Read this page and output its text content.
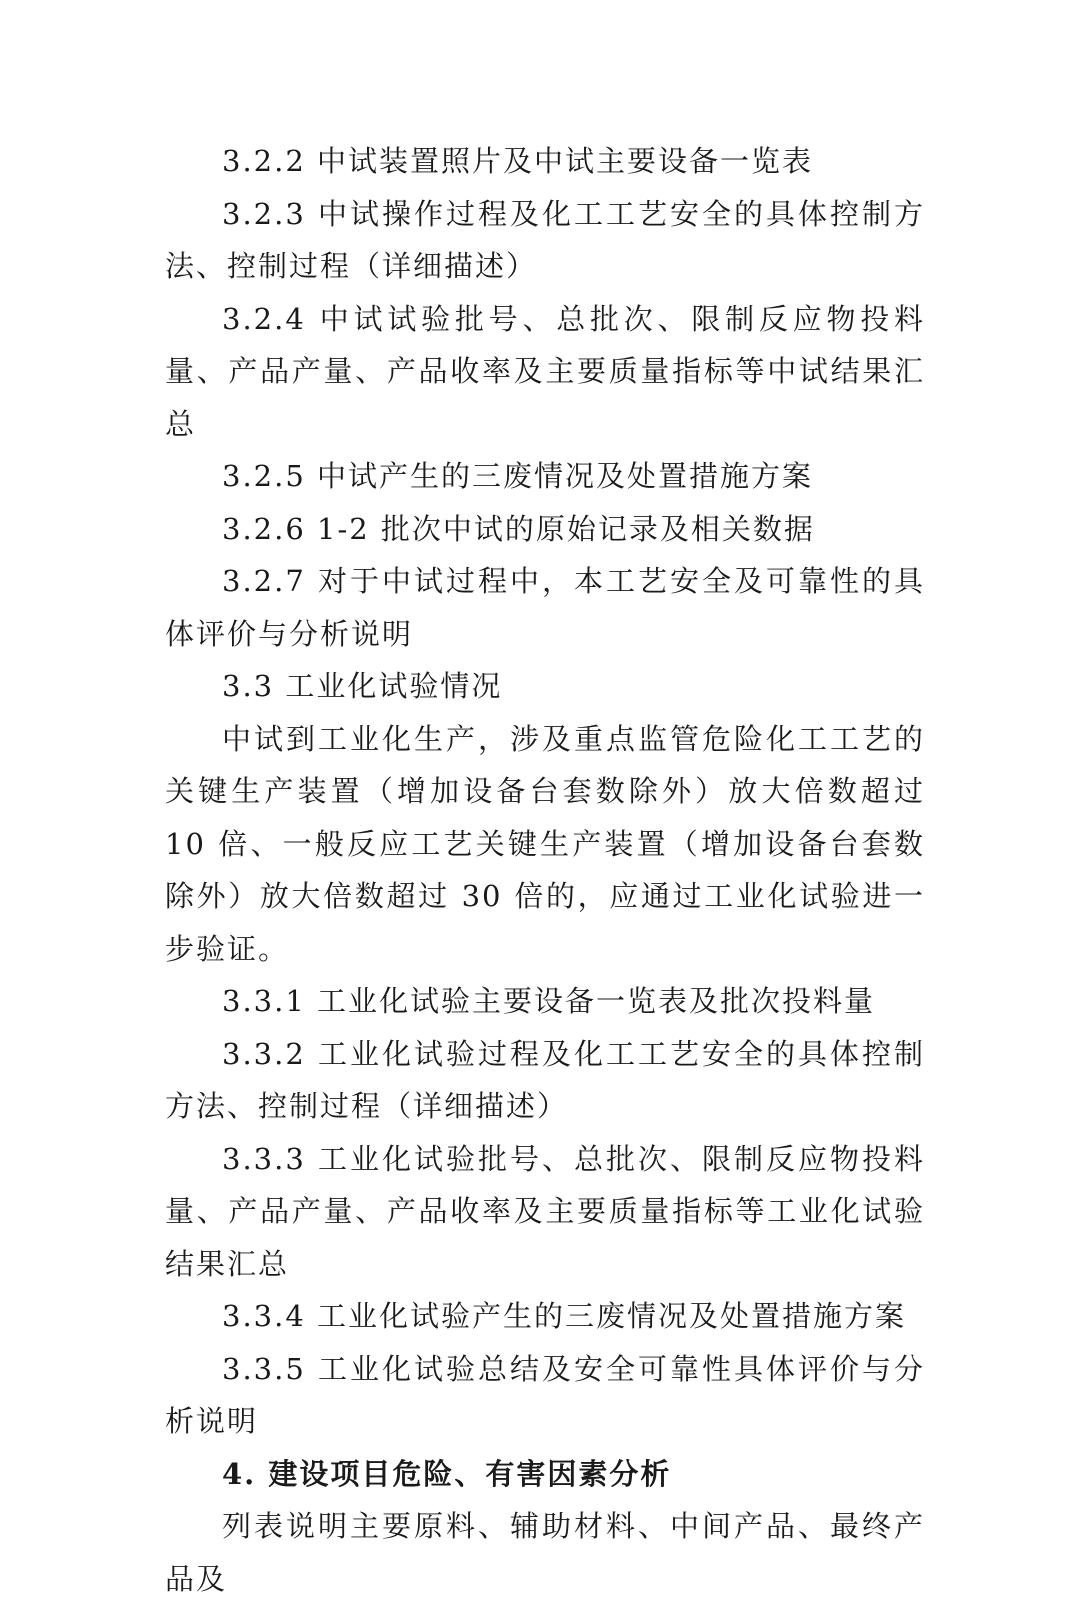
3.2.2 中试装置照片及中试主要设备一览表

3.2.3 中试操作过程及化工工艺安全的具体控制方法、控制过程（详细描述）

3.2.4 中试试验批号、总批次、限制反应物投料量、产品产量、产品收率及主要质量指标等中试结果汇总

3.2.5 中试产生的三废情况及处置措施方案

3.2.6 1-2 批次中试的原始记录及相关数据

3.2.7 对于中试过程中，本工艺安全及可靠性的具体评价与分析说明

3.3 工业化试验情况

中试到工业化生产，涉及重点监管危险化工工艺的关键生产装置（增加设备台套数除外）放大倍数超过 10 倍、一般反应工艺关键生产装置（增加设备台套数除外）放大倍数超过 30 倍的，应通过工业化试验进一步验证。

3.3.1 工业化试验主要设备一览表及批次投料量

3.3.2 工业化试验过程及化工工艺安全的具体控制方法、控制过程（详细描述）

3.3.3 工业化试验批号、总批次、限制反应物投料量、产品产量、产品收率及主要质量指标等工业化试验结果汇总

3.3.4 工业化试验产生的三废情况及处置措施方案

3.3.5 工业化试验总结及安全可靠性具体评价与分析说明

4. 建设项目危险、有害因素分析

列表说明主要原料、辅助材料、中间产品、最终产品及
